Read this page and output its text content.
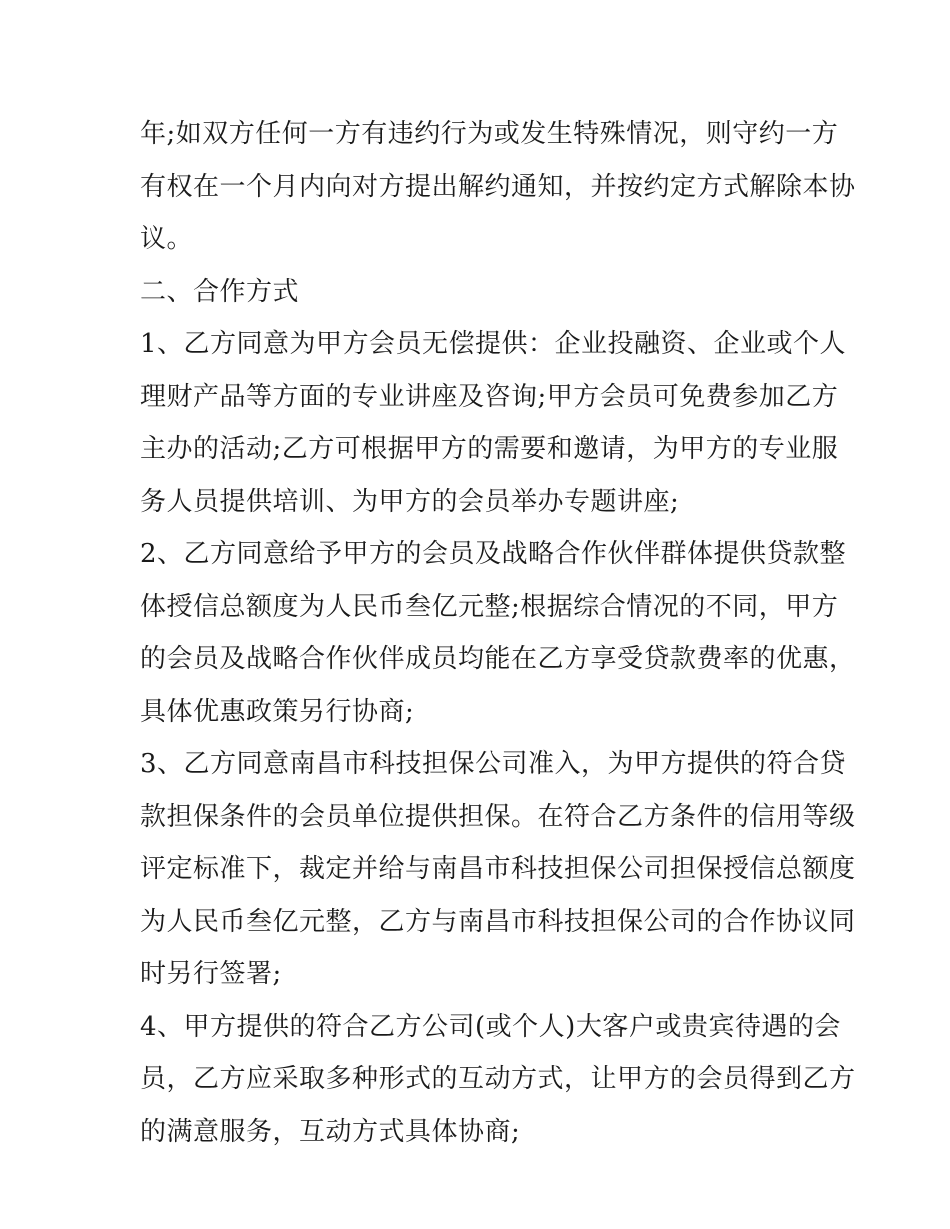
年;如双方任何一方有违约行为或发生特殊情况，则守约一方
有权在一个月内向对方提出解约通知，并按约定方式解除本协
议。
二、合作方式
1、乙方同意为甲方会员无偿提供：企业投融资、企业或个人
理财产品等方面的专业讲座及咨询;甲方会员可免费参加乙方
主办的活动;乙方可根据甲方的需要和邀请，为甲方的专业服
务人员提供培训、为甲方的会员举办专题讲座;
2、乙方同意给予甲方的会员及战略合作伙伴群体提供贷款整
体授信总额度为人民币叁亿元整;根据综合情况的不同，甲方
的会员及战略合作伙伴成员均能在乙方享受贷款费率的优惠，
具体优惠政策另行协商;
3、乙方同意南昌市科技担保公司准入，为甲方提供的符合贷
款担保条件的会员单位提供担保。在符合乙方条件的信用等级
评定标准下，裁定并给与南昌市科技担保公司担保授信总额度
为人民币叁亿元整，乙方与南昌市科技担保公司的合作协议同
时另行签署;
4、甲方提供的符合乙方公司(或个人)大客户或贵宾待遇的会
员，乙方应采取多种形式的互动方式，让甲方的会员得到乙方
的满意服务，互动方式具体协商;
